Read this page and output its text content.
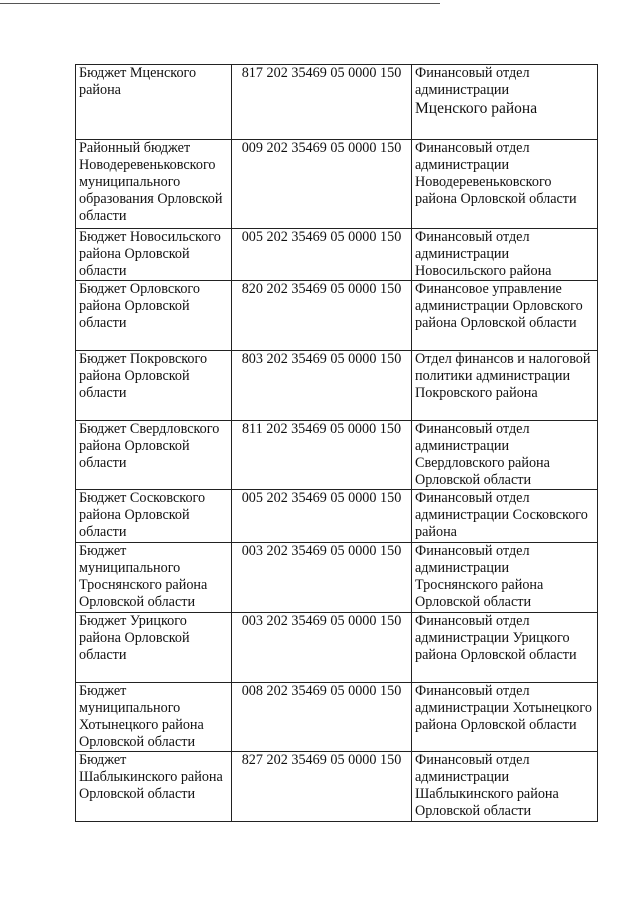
Бюджет Мценского района	817 202 35469 05 0000 150	Финансовый отдел администрации
Мценского района
Районный бюджет Новодеревеньковского муниципального образования Орловской области	009 202 35469 05 0000 150	Финансовый отдел администрации Новодеревеньковского района Орловской области
Бюджет Новосильского района Орловской области	005 202 35469 05 0000 150	Финансовый отдел администрации Новосильского района
Бюджет Орловского района Орловской области	820 202 35469 05 0000 150	Финансовое управление администрации Орловского района Орловской области
Бюджет Покровского района Орловской области	803 202 35469 05 0000 150	Отдел финансов и налоговой политики администрации Покровского района
Бюджет Свердловского района Орловской области	811 202 35469 05 0000 150	Финансовый отдел администрации Свердловского района Орловской области
Бюджет Сосковского района Орловской области	005 202 35469 05 0000 150	Финансовый отдел администрации Сосковского района
Бюджет муниципального Троснянского района Орловской области	003 202 35469 05 0000 150	Финансовый отдел администрации Троснянского района Орловской области
Бюджет Урицкого района Орловской области	003 202 35469 05 0000 150	Финансовый отдел администрации Урицкого района Орловской области
Бюджет муниципального Хотынецкого района Орловской области	008 202 35469 05 0000 150	Финансовый отдел администрации Хотынецкого района Орловской области
Бюджет Шаблыкинского района Орловской области	827 202 35469 05 0000 150	Финансовый отдел администрации Шаблыкинского района Орловской области
